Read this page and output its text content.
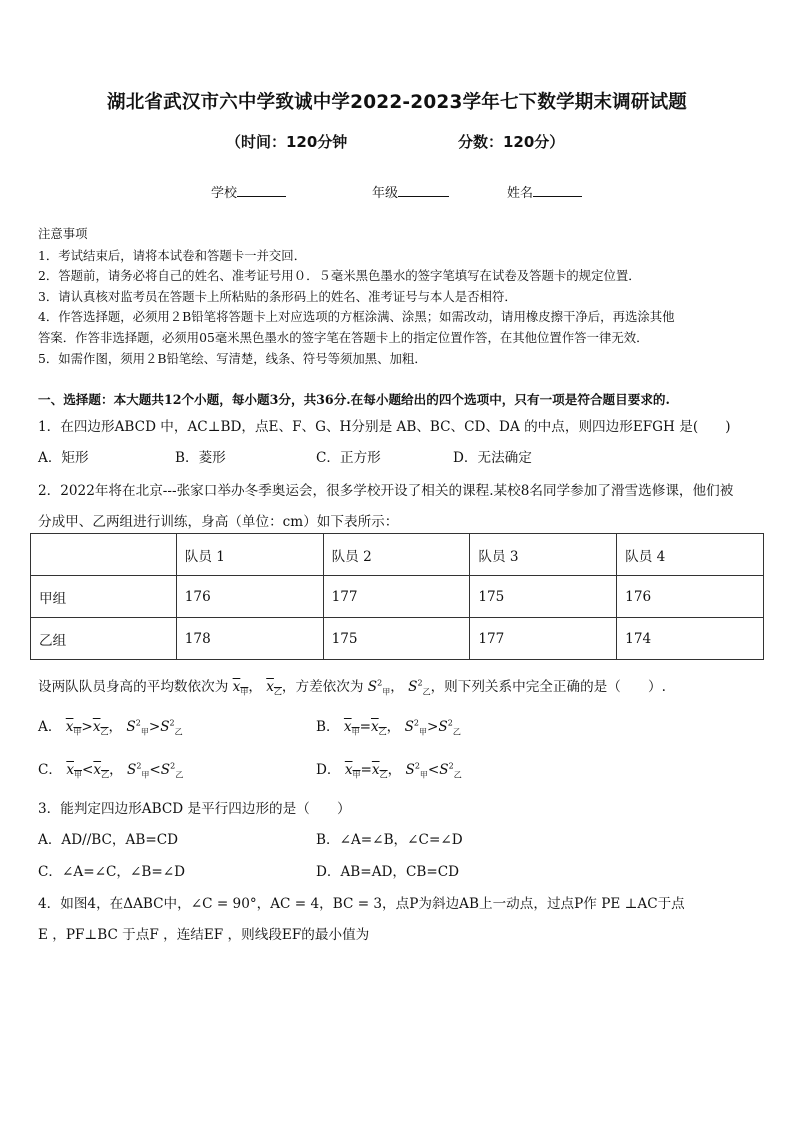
湖北省武汉市六中学致诚中学2022-2023学年七下数学期末调研试题
（时间：120分钟	分数：120分）
学校	年级	姓名
注意事项
1．考试结束后，请将本试卷和答题卡一并交回．
2．答题前，请务必将自己的姓名、准考证号用０．５毫米黑色墨水的签字笔填写在试卷及答题卡的规定位置．
3．请认真核对监考员在答题卡上所粘贴的条形码上的姓名、准考证号与本人是否相符．
4．作答选择题，必须用２B铅笔将答题卡上对应选项的方框涂满、涂黑；如需改动，请用橡皮擦干净后，再选涂其他
答案．作答非选择题，必须用05毫米黑色墨水的签字笔在答题卡上的指定位置作答，在其他位置作答一律无效．
5．如需作图，须用２B铅笔绘、写清楚，线条、符号等须加黑、加粗．
一、选择题：本大题共12个小题，每小题3分，共36分.在每小题给出的四个选项中，只有一项是符合题目要求的.
1．在四边形ABCD 中，AC⊥BD，点E、F、G、H分别是 AB、BC、CD、DA 的中点，则四边形EFGH 是(　　)
A．矩形	B．菱形	C．正方形	D．无法确定
2．2022年将在北京---张家口举办冬季奥运会，很多学校开设了相关的课程.某校8名同学参加了滑雪选修课，他们被
分成甲、乙两组进行训练，身高（单位：cm）如下表所示：
	队员 1	队员 2	队员 3	队员 4
甲组	176	177	175	176
乙组	178	175	177	174
设两队队员身高的平均数依次为 $x_甲$， $x_乙$，方差依次为 $S^2_甲$， $S^2_乙$，则下列关系中完全正确的是（　　）.
A． $x_甲>x_乙$， $S^2_甲>S^2_乙$	B． $x_甲=x_乙$， $S^2_甲>S^2_乙$
C． $x_甲<x_乙$， $S^2_甲<S^2_乙$	D． $x_甲=x_乙$， $S^2_甲<S^2_乙$
3．能判定四边形ABCD 是平行四边形的是（　　）
A．AD//BC，AB=CD	B．∠A=∠B，∠C=∠D
C．∠A=∠C，∠B=∠D	D．AB=AD，CB=CD
4．如图4，在ΔABC中，∠C = 90°，AC = 4，BC = 3，点P为斜边AB上一动点，过点P作 PE ⊥AC于点
E ，PF⊥BC 于点F ，连结EF ，则线段EF的最小值为
